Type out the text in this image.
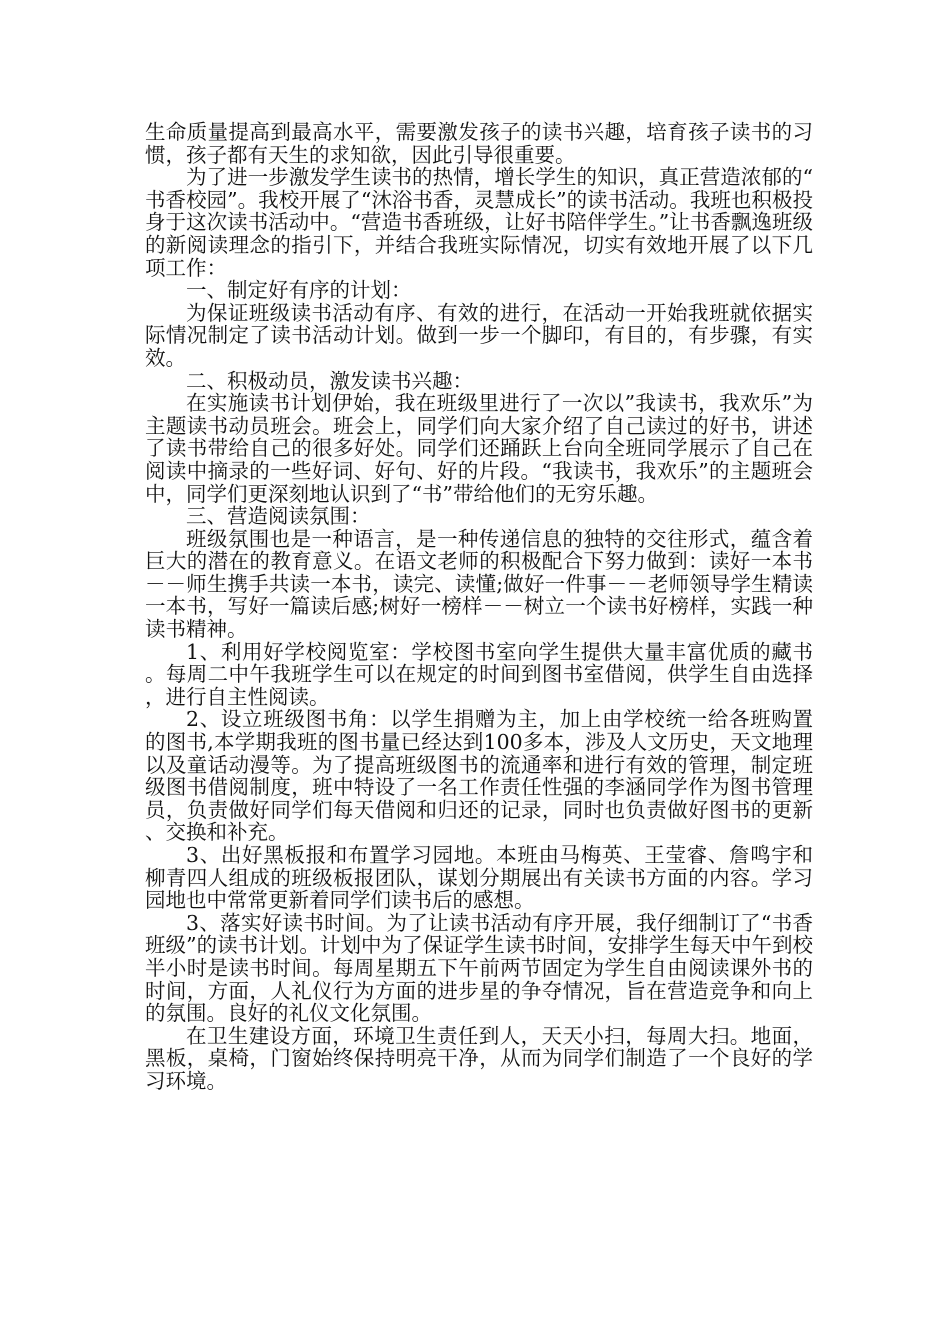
生命质量提高到最高水平，需要激发孩子的读书兴趣，培育孩子读书的习惯，孩子都有天生的求知欲，因此引导很重要。

为了进一步激发学生读书的热情，增长学生的知识，真正营造浓郁的“书香校园”。我校开展了“沐浴书香，灵慧成长”的读书活动。我班也积极投身于这次读书活动中。“营造书香班级，让好书陪伴学生。”让书香飘逸班级的新阅读理念的指引下，并结合我班实际情况，切实有效地开展了以下几项工作：

一、制定好有序的计划：

为保证班级读书活动有序、有效的进行，在活动一开始我班就依据实际情况制定了读书活动计划。做到一步一个脚印，有目的，有步骤，有实效。

二、积极动员，激发读书兴趣：

在实施读书计划伊始，我在班级里进行了一次以”我读书，我欢乐”为主题读书动员班会。班会上，同学们向大家介绍了自己读过的好书，讲述了读书带给自己的很多好处。同学们还踊跃上台向全班同学展示了自己在阅读中摘录的一些好词、好句、好的片段。“我读书，我欢乐”的主题班会中，同学们更深刻地认识到了“书”带给他们的无穷乐趣。

三、营造阅读氛围：

班级氛围也是一种语言，是一种传递信息的独特的交往形式，蕴含着巨大的潜在的教育意义。在语文老师的积极配合下努力做到：读好一本书－－师生携手共读一本书，读完、读懂;做好一件事－－老师领导学生精读一本书，写好一篇读后感;树好一榜样－－树立一个读书好榜样，实践一种读书精神。

1、利用好学校阅览室：学校图书室向学生提供大量丰富优质的藏书。每周二中午我班学生可以在规定的时间到图书室借阅，供学生自由选择，进行自主性阅读。

2、设立班级图书角：以学生捐赠为主，加上由学校统一给各班购置的图书,本学期我班的图书量已经达到100多本，涉及人文历史，天文地理以及童话动漫等。为了提高班级图书的流通率和进行有效的管理，制定班级图书借阅制度，班中特设了一名工作责任性强的李涵同学作为图书管理员，负责做好同学们每天借阅和归还的记录，同时也负责做好图书的更新、交换和补充。

3、出好黑板报和布置学习园地。本班由马梅英、王莹睿、詹鸣宇和柳青四人组成的班级板报团队，谋划分期展出有关读书方面的内容。学习园地也中常常更新着同学们读书后的感想。

3、落实好读书时间。为了让读书活动有序开展，我仔细制订了“书香班级”的读书计划。计划中为了保证学生读书时间，安排学生每天中午到校半小时是读书时间。每周星期五下午前两节固定为学生自由阅读课外书的时间，方面，人礼仪行为方面的进步星的争夺情况，旨在营造竞争和向上的氛围。良好的礼仪文化氛围。

在卫生建设方面，环境卫生责任到人，天天小扫，每周大扫。地面，黑板，桌椅，门窗始终保持明亮干净，从而为同学们制造了一个良好的学习环境。
